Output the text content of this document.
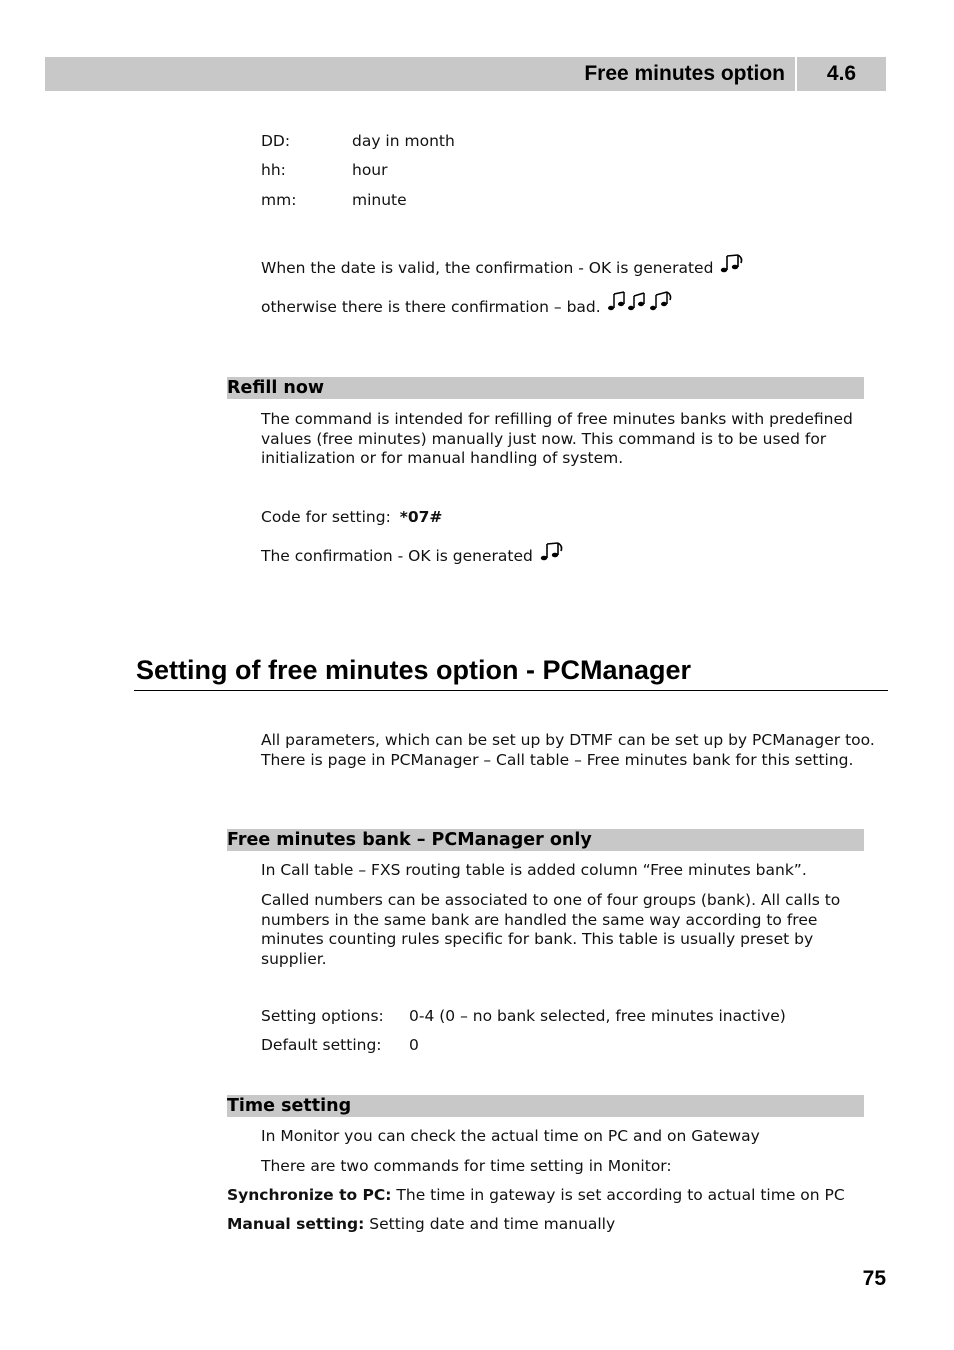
Free minutes option	4.6
DD:	day in month
hh:	hour
mm:	minute
When the date is valid, the confirmation - OK is generated
otherwise there is there confirmation – bad.
Refill now
The command is intended for refilling of free minutes banks with predefined values (free minutes) manually just now. This command is to be used for initialization or for manual handling of system.
Code for setting: *07#
The confirmation - OK is generated
Setting of free minutes option - PCManager
All parameters, which can be set up by DTMF can be set up by PCManager too. There is page in PCManager – Call table – Free minutes bank for this setting.
Free minutes bank – PCManager only
In Call table – FXS routing table is added column “Free minutes bank”.
Called numbers can be associated to one of four groups (bank). All calls to numbers in the same bank are handled the same way according to free minutes counting rules specific for bank. This table is usually preset by supplier.
Setting options: 0-4 (0 – no bank selected, free minutes inactive)
Default setting: 0
Time setting
In Monitor you can check the actual time on PC and on Gateway
There are two commands for time setting in Monitor:
Synchronize to PC: The time in gateway is set according to actual time on PC
Manual setting: Setting date and time manually
75
